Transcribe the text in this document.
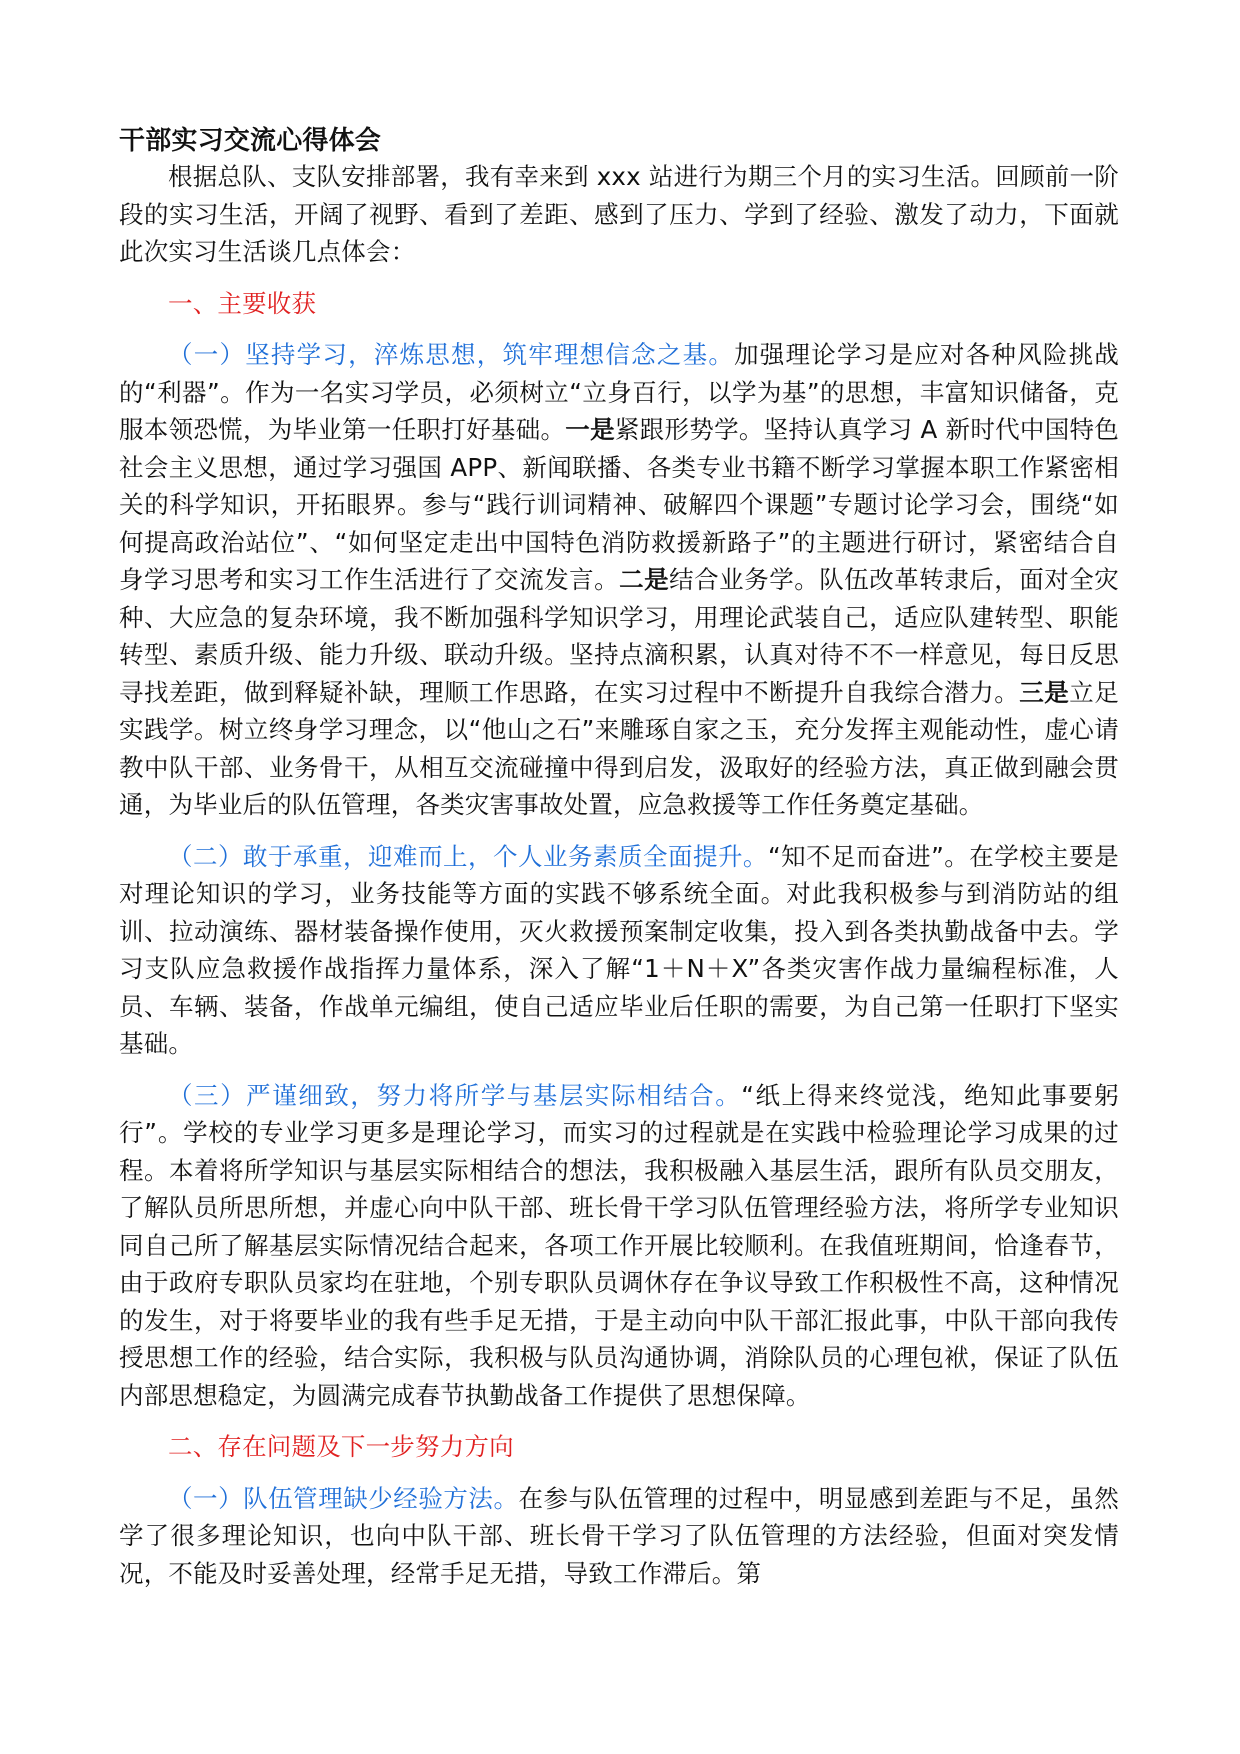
干部实习交流心得体会

根据总队、支队安排部署，我有幸来到 xxx 站进行为期三个月的实习生活。回顾前一阶段的实习生活，开阔了视野、看到了差距、感到了压力、学到了经验、激发了动力，下面就此次实习生活谈几点体会：

一、主要收获

（一）坚持学习，淬炼思想，筑牢理想信念之基。加强理论学习是应对各种风险挑战的“利器”。作为一名实习学员，必须树立“立身百行，以学为基”的思想，丰富知识储备，克服本领恐慌，为毕业第一任职打好基础。一是紧跟形势学。坚持认真学习 A 新时代中国特色社会主义思想，通过学习强国 APP、新闻联播、各类专业书籍不断学习掌握本职工作紧密相关的科学知识，开拓眼界。参与“践行训词精神、破解四个课题”专题讨论学习会，围绕“如何提高政治站位”、“如何坚定走出中国特色消防救援新路子”的主题进行研讨，紧密结合自身学习思考和实习工作生活进行了交流发言。二是结合业务学。队伍改革转隶后，面对全灾种、大应急的复杂环境，我不断加强科学知识学习，用理论武装自己，适应队建转型、职能转型、素质升级、能力升级、联动升级。坚持点滴积累，认真对待不不一样意见，每日反思寻找差距，做到释疑补缺，理顺工作思路，在实习过程中不断提升自我综合潜力。三是立足实践学。树立终身学习理念，以“他山之石”来雕琢自家之玉，充分发挥主观能动性，虚心请教中队干部、业务骨干，从相互交流碰撞中得到启发，汲取好的经验方法，真正做到融会贯通，为毕业后的队伍管理，各类灾害事故处置，应急救援等工作任务奠定基础。

（二）敢于承重，迎难而上，个人业务素质全面提升。“知不足而奋进”。在学校主要是对理论知识的学习，业务技能等方面的实践不够系统全面。对此我积极参与到消防站的组训、拉动演练、器材装备操作使用，灭火救援预案制定收集，投入到各类执勤战备中去。学习支队应急救援作战指挥力量体系，深入了解“1＋N＋X”各类灾害作战力量编程标准，人员、车辆、装备，作战单元编组，使自己适应毕业后任职的需要，为自己第一任职打下坚实基础。

（三）严谨细致，努力将所学与基层实际相结合。“纸上得来终觉浅，绝知此事要躬行”。学校的专业学习更多是理论学习，而实习的过程就是在实践中检验理论学习成果的过程。本着将所学知识与基层实际相结合的想法，我积极融入基层生活，跟所有队员交朋友，了解队员所思所想，并虚心向中队干部、班长骨干学习队伍管理经验方法，将所学专业知识同自己所了解基层实际情况结合起来，各项工作开展比较顺利。在我值班期间，恰逢春节，由于政府专职队员家均在驻地，个别专职队员调休存在争议导致工作积极性不高，这种情况的发生，对于将要毕业的我有些手足无措，于是主动向中队干部汇报此事，中队干部向我传授思想工作的经验，结合实际，我积极与队员沟通协调，消除队员的心理包袱，保证了队伍内部思想稳定，为圆满完成春节执勤战备工作提供了思想保障。

二、存在问题及下一步努力方向

（一）队伍管理缺少经验方法。在参与队伍管理的过程中，明显感到差距与不足，虽然学了很多理论知识，也向中队干部、班长骨干学习了队伍管理的方法经验，但面对突发情况，不能及时妥善处理，经常手足无措，导致工作滞后。第
